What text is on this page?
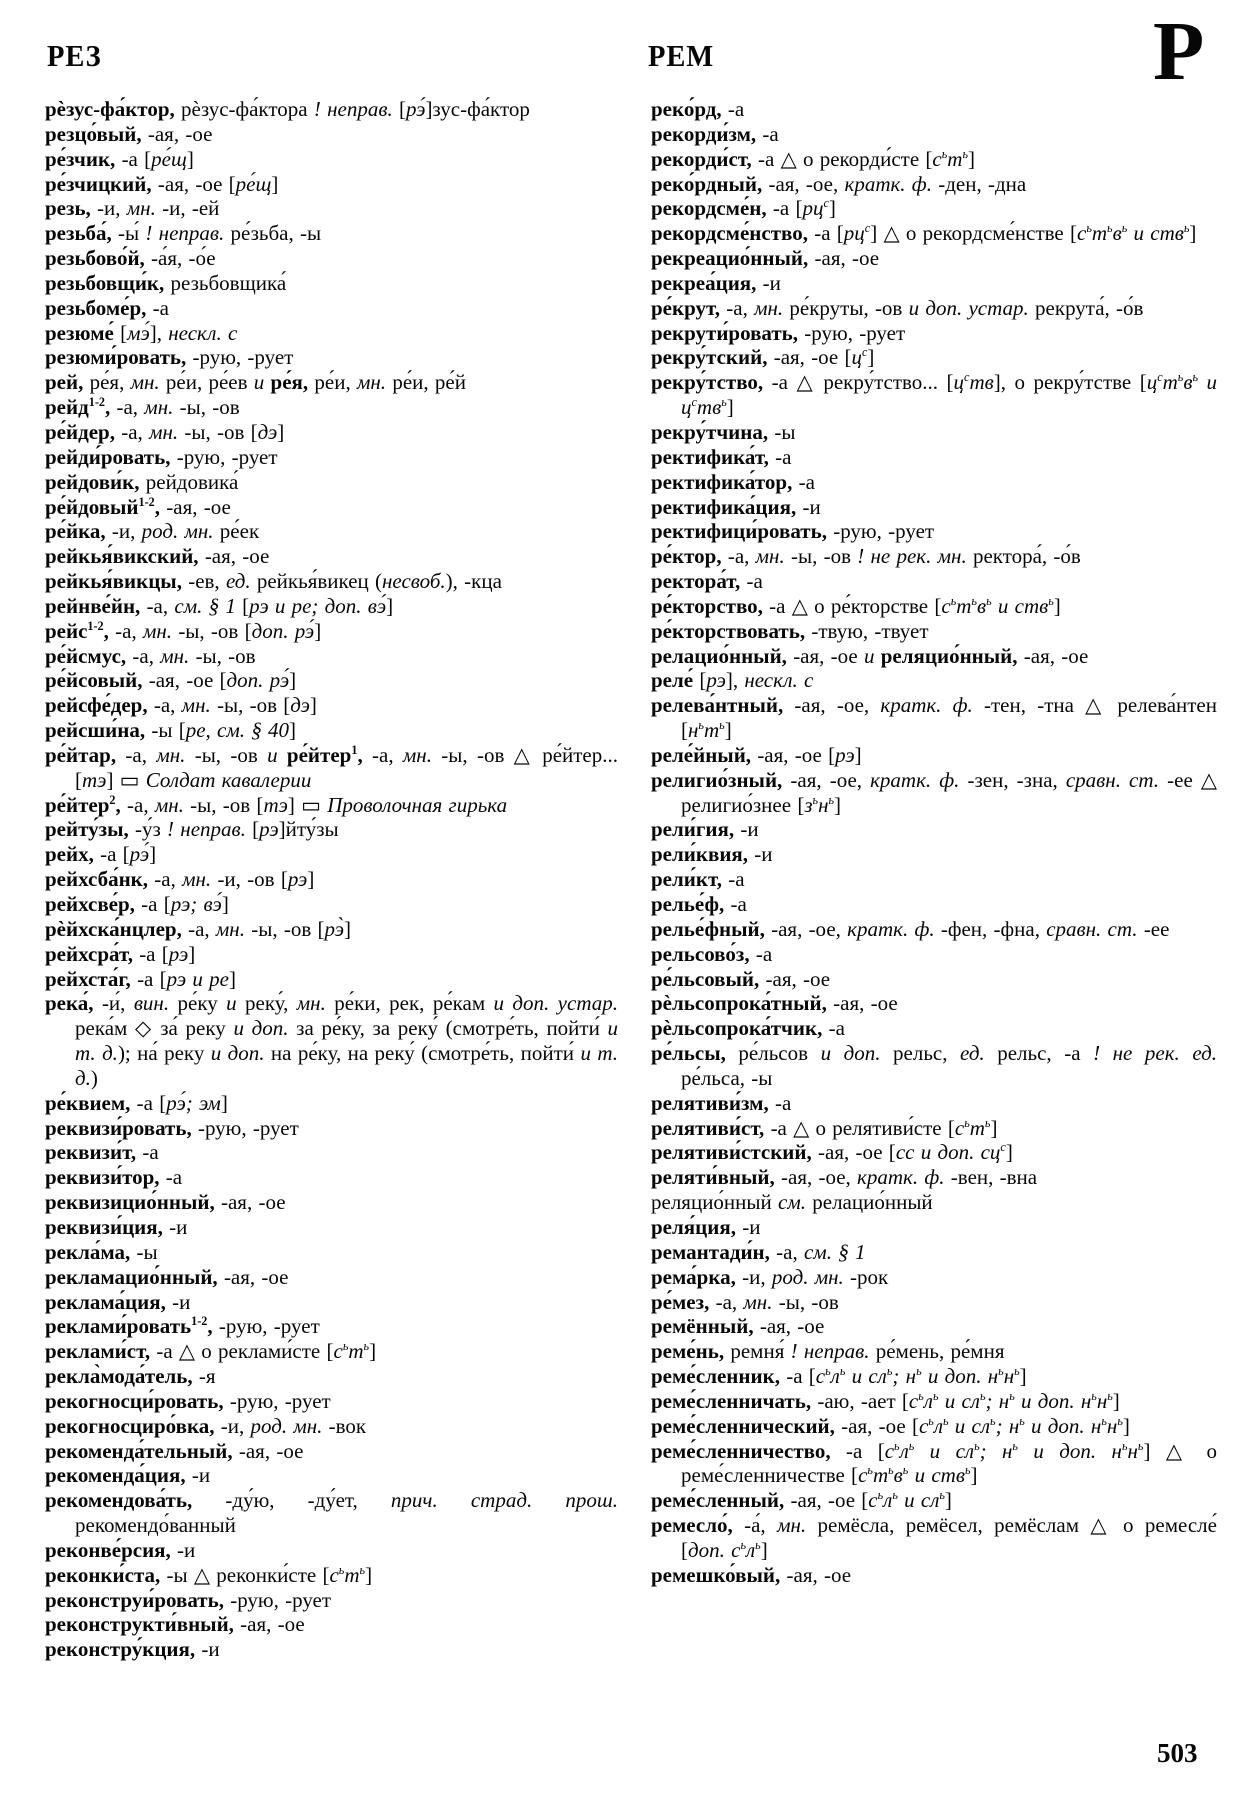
РЕЗ	РЕМ	Р
рѐзус-фа́ктор, рѐзус-фа́ктора ! неправ. [рэ́]зус-фа́ктор
резцо́вый, -ая, -ое
ре́зчик, -а [ре́щ]
ре́зчицкий, -ая, -ое [ре́щ]
резь, -и, мн. -и, -ей
резьба́, -ы́ ! неправ. ре́зьба, -ы
резьбово́й, -а́я, -о́е
резьбовщи́к, резьбовщика́
резьбоме́р, -а
резюме́ [мэ́], нескл. с
резюми́ровать, -рую, -рует
рей, ре́я, мн. ре́и, ре́ев и ре́я, ре́и, мн. ре́и, ре́й
рейд$^{1-2}$, -а, мн. -ы, -ов
ре́йдер, -а, мн. -ы, -ов [дэ]
рейди́ровать, -рую, -рует
рейдови́к, рейдовика́
ре́йдовый$^{1-2}$, -ая, -ое
ре́йка, -и, род. мн. ре́ек
рейкья́викский, -ая, -ое
рейкья́викцы, -ев, ед. рейкья́викец (несвоб.), -кца
рейнве́йн, -а, см. § 1 [рэ и ре; доп. вэ́]
рейс$^{1-2}$, -а, мн. -ы, -ов [доп. рэ́]
ре́йсмус, -а, мн. -ы, -ов
ре́йсовый, -ая, -ое [доп. рэ́]
рейсфе́дер, -а, мн. -ы, -ов [дэ]
рейсши́на, -ы [ре, см. § 40]
ре́йтар, -а, мн. -ы, -ов и ре́йтер$^1$, -а, мн. -ы, -ов △ ре́йтер... [тэ] ▭ Солдат кавалерии
ре́йтер$^2$, -а, мн. -ы, -ов [тэ] ▭ Проволочная гирька
рейту́зы, -у́з ! неправ. [рэ]йту́зы
рейх, -а [рэ́]
рейхсба́нк, -а, мн. -и, -ов [рэ]
рейхсве́р, -а [рэ; вэ́]
рѐйхска́нцлер, -а, мн. -ы, -ов [рэ̀]
рейхсра́т, -а [рэ]
рейхста́г, -а [рэ и ре]
река́, -и́, вин. ре́ку и реку́, мн. ре́ки, рек, ре́кам и доп. устар. река́м ◇ за́ реку и доп. за ре́ку, за реку́ (смотре́ть, пойти́ и т. д.); на́ реку и доп. на ре́ку, на реку́ (смотре́ть, пойти́ и т. д.)
ре́квием, -а [рэ́; эм]
реквизи́ровать, -рую, -рует
реквизи́т, -а
реквизи́тор, -а
реквизицио́нный, -ая, -ое
реквизи́ция, -и
рекла́ма, -ы
рекламацио́нный, -ая, -ое
реклама́ция, -и
реклами́ровать$^{1-2}$, -рую, -рует
реклами́ст, -а △ о реклами́сте $[с^ьт^ь]$
рекла̀мода́тель, -я
рекогносци́ровать, -рую, -рует
рекогносциро́вка, -и, род. мн. -вок
рекоменда́тельный, -ая, -ое
рекоменда́ция, -и
рекомендова́ть, -ду́ю, -ду́ет, прич. страд. прош. рекомендо́ванный
реконве́рсия, -и
реконки́ста, -ы △ реконки́сте $[с^ьт^ь]$
реконструи́ровать, -рую, -рует
реконструкти́вный, -ая, -ое
реконстру́кция, -и
реко́рд, -а
рекорди́зм, -а
рекорди́ст, -а △ о рекорди́сте $[с^ьт^ь]$
реко́рдный, -ая, -ое, кратк. ф. -ден, -дна
рекордсме́н, -а $[рц^с]$
рекордсме́нство, -а $[рц^с]$ △ о рекордсме́нстве [$с^ьт^ьв^ь$ и ств$^ь$]
рекреацио́нный, -ая, -ое
рекреа́ция, -и
ре́крут, -а, мн. ре́круты, -ов и доп. устар. рекрута́, -о́в
рекрути́ровать, -рую, -рует
рекру́тский, -ая, -ое $[ц^с]$
рекру́тство, -а △ рекру́тство... $[ц^ств]$, о рекру́тстве [$ц^ст^ьв^ь$ и $ц^ств^ь$]
рекру́тчина, -ы
ректифика́т, -а
ректифика́тор, -а
ректифика́ция, -и
ректифици́ровать, -рую, -рует
ре́ктор, -а, мн. -ы, -ов ! не рек. мн. ректора́, -о́в
ректора́т, -а
ре́кторство, -а △ о ре́кторстве [$с^ьт^ьв^ь$ и ств$^ь$]
ре́кторствовать, -твую, -твует
релацио́нный, -ая, -ое и реляцио́нный, -ая, -ое
реле́ [рэ], нескл. с
релева́нтный, -ая, -ое, кратк. ф. -тен, -тна △ релева́нтен $[н^ьт^ь]$
реле́йный, -ая, -ое [рэ]
религио́зный, -ая, -ое, кратк. ф. -зен, -зна, сравн. ст. -ее △ религио́знее $[з^ьн^ь]$
рели́гия, -и
рели́квия, -и
рели́кт, -а
релье́ф, -а
релье́фный, -ая, -ое, кратк. ф. -фен, -фна, сравн. ст. -ее
рельсово́з, -а
ре́льсовый, -ая, -ое
рѐльсопрока́тный, -ая, -ое
рѐльсопрока́тчик, -а
ре́льсы, ре́льсов и доп. рельс, ед. рельс, -а ! не рек. ед. ре́льса, -ы
релятиви́зм, -а
релятиви́ст, -а △ о релятиви́сте $[с^ьт^ь]$
релятиви́стский, -ая, -ое [сс и доп. $сц^с$]
реляти́вный, -ая, -ое, кратк. ф. -вен, -вна
реляцио́нный см. релацио́нный
реля́ция, -и
ремантади́н, -а, см. § 1
рема́рка, -и, род. мн. -рок
ре́мез, -а, мн. -ы, -ов
ремённый, -ая, -ое
реме́нь, ремня́ ! неправ. ре́мень, ре́мня
реме́сленник, -а [$с^ьл^ь$ и $сл^ь$; $н^ь$ и доп. $н^ьн^ь$]
реме́сленничать, -аю, -ает [$с^ьл^ь$ и $сл^ь$; $н^ь$ и доп. $н^ьн^ь$]
реме́сленнический, -ая, -ое [$с^ьл^ь$ и $сл^ь$; $н^ь$ и доп. $н^ьн^ь$]
реме́сленничество, -а [$с^ьл^ь$ и $сл^ь$; $н^ь$ и доп. $н^ьн^ь$] △ о реме́сленничестве [$с^ьт^ьв^ь$ и ств$^ь$]
реме́сленный, -ая, -ое [$с^ьл^ь$ и $сл^ь$]
ремесло́, -а́, мн. ремёсла, ремёсел, ремёслам △ о ремесле́ [доп. $с^ьл^ь$]
ремешко́вый, -ая, -ое
503
